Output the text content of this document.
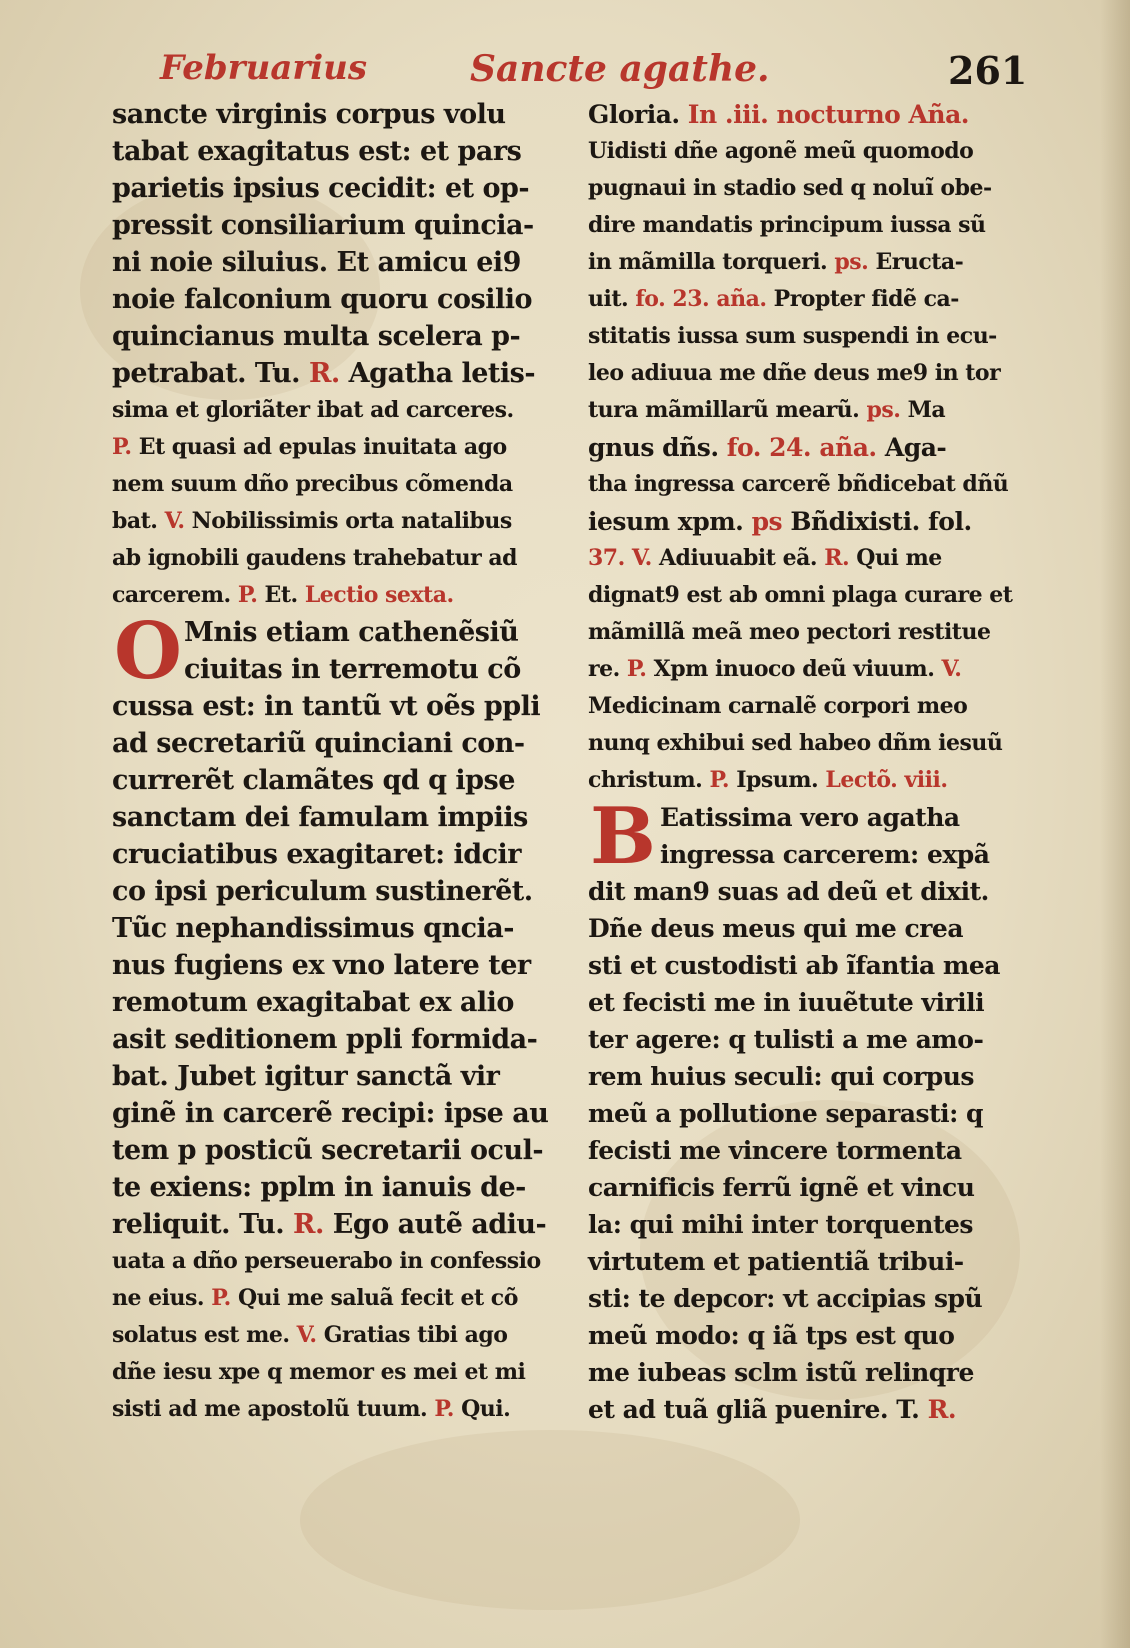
Februarius	Sancte agathe.	261
sancte virginis corpus volu
tabat exagitatus est: et pars
parietis ipsius cecidit: et op-
pressit consiliarium quincia-
ni noie siluius. Et amicu ei9
noie falconium quoru cosilio
quincianus multa scelera p-
petrabat. Tu. R. Agatha letis-
sima et gloriãter ibat ad carceres.
P. Et quasi ad epulas inuitata ago
nem suum dño precibus cõmenda
bat. V. Nobilissimis orta natalibus
ab ignobili gaudens trahebatur ad
carcerem. P. Et. Lectio sexta.
O Mnis etiam cathenẽsiũ
ciuitas in terremotu cõ
cussa est: in tantũ vt oẽs ppli
ad secretariũ quinciani con-
currerẽt clamãtes qd q ipse
sanctam dei famulam impiis
cruciatibus exagitaret: idcir
co ipsi periculum sustinerẽt.
Tũc nephandissimus qncia-
nus fugiens ex vno latere ter
remotum exagitabat ex alio
asit seditionem ppli formida-
bat. Jubet igitur sanctã vir
ginẽ in carcerẽ recipi: ipse au
tem p posticũ secretarii ocul-
te exiens: pplm in ianuis de-
reliquit. Tu. R. Ego autẽ adiu-
uata a dño perseuerabo in confessio
ne eius. P. Qui me saluã fecit et cõ
solatus est me. V. Gratias tibi ago
dñe iesu xpe q memor es mei et mi
sisti ad me apostolũ tuum. P. Qui.
Gloria. In .iii. nocturno Aña.
Uidisti dñe agonẽ meũ quomodo
pugnaui in stadio sed q noluĩ obe-
dire mandatis principum iussa sũ
in mãmilla torqueri. ps. Eructa-
uit. fo. 23. aña. Propter fidẽ ca-
stitatis iussa sum suspendi in ecu-
leo adiuua me dñe deus me9 in tor
tura mãmillarũ mearũ. ps. Ma
gnus dñs. fo. 24. aña. Aga-
tha ingressa carcerẽ bñdicebat dñũ
iesum xpm. ps Bñdixisti. fol.
37. V. Adiuuabit eã. R. Qui me
dignat9 est ab omni plaga curare et
mãmillã meã meo pectori restitue
re. P. Xpm inuoco deũ viuum. V.
Medicinam carnalẽ corpori meo
nunq exhibui sed habeo dñm iesuũ
christum. P. Ipsum. Lectõ. viii.
B Eatissima vero agatha
ingressa carcerem: expã
dit man9 suas ad deũ et dixit.
Dñe deus meus qui me crea
sti et custodisti ab ĩfantia mea
et fecisti me in iuuẽtute virili
ter agere: q tulisti a me amo-
rem huius seculi: qui corpus
meũ a pollutione separasti: q
fecisti me vincere tormenta
carnificis ferrũ ignẽ et vincu
la: qui mihi inter torquentes
virtutem et patientiã tribui-
sti: te depcor: vt accipias spũ
meũ modo: q iã tps est quo
me iubeas sclm istũ relinqre
et ad tuã gliã puenire. T. R.
